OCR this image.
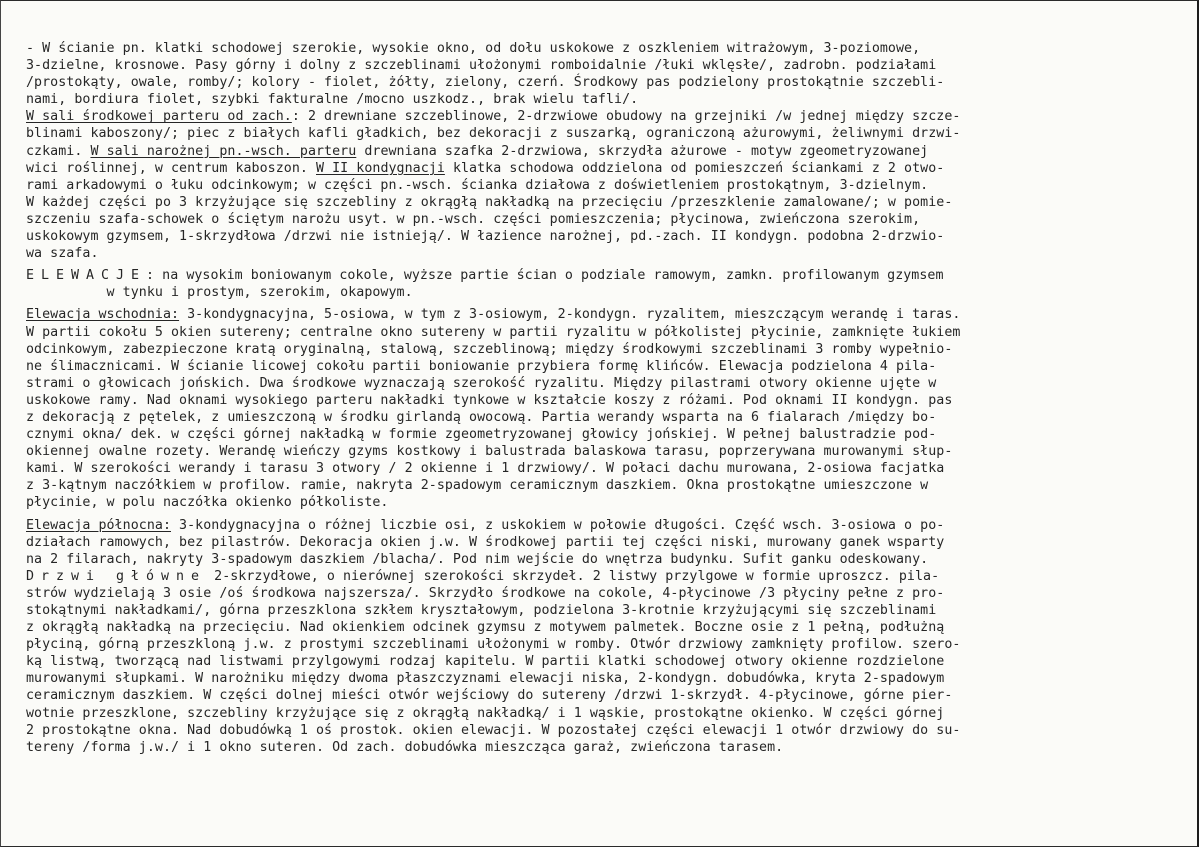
- W ścianie pn. klatki schodowej szerokie, wysokie okno, od dołu uskokowe z oszkleniem witrażowym, 3-poziomowe,
3-dzielne, krosnowe. Pasy górny i dolny z szczeblinami ułożonymi romboidalnie /łuki wklęsłe/, zadrobn. podziałami
/prostokąty, owale, romby/; kolory - fiolet, żółty, zielony, czerń. Środkowy pas podzielony prostokątnie szczebli-
nami, bordiura fiolet, szybki fakturalne /mocno uszkodz., brak wielu tafli/.
W sali środkowej parteru od zach.: 2 drewniane szczeblinowe, 2-drzwiowe obudowy na grzejniki /w jednej między szcze-
blinami kaboszony/; piec z białych kafli gładkich, bez dekoracji z suszarką, ograniczoną ażurowymi, żeliwnymi drzwi-
czkami. W sali narożnej pn.-wsch. parteru drewniana szafka 2-drzwiowa, skrzydła ażurowe - motyw zgeometryzowanej
wici roślinnej, w centrum kaboszon. W II kondygnacji klatka schodowa oddzielona od pomieszczeń ściankami z 2 otwo-
rami arkadowymi o łuku odcinkowym; w części pn.-wsch. ścianka działowa z doświetleniem prostokątnym, 3-dzielnym.
W każdej części po 3 krzyżujące się szczebliny z okrągłą nakładką na przecięciu /przeszklenie zamalowane/; w pomie-
szczeniu szafa-schowek o ściętym narożu usyt. w pn.-wsch. części pomieszczenia; płycinowa, zwieńczona szerokim,
uskokowym gzymsem, 1-skrzydłowa /drzwi nie istnieją/. W łazience narożnej, pd.-zach. II kondygn. podobna 2-drzwio-
wa szafa.
ELEWACJE: na wysokim boniowanym cokole, wyższe partie ścian o podziale ramowym, zamkn. profilowanym gzymsem
w tynku i prostym, szerokim, okapowym.
Elewacja wschodnia: 3-kondygnacyjna, 5-osiowa, w tym z 3-osiowym, 2-kondygn. ryzalitem, mieszczącym werandę i taras.
W partii cokołu 5 okien sutereny; centralne okno sutereny w partii ryzalitu w półkolistej płycinie, zamknięte łukiem
odcinkowym, zabezpieczone kratą oryginalną, stalową, szczeblinową; między środkowymi szczeblinami 3 romby wypełnio-
ne ślimacznicami. W ścianie licowej cokołu partii boniowanie przybiera formę klińców. Elewacja podzielona 4 pila-
strami o głowicach jońskich. Dwa środkowe wyznaczają szerokość ryzalitu. Między pilastrami otwory okienne ujęte w
uskokowe ramy. Nad oknami wysokiego parteru nakładki tynkowe w kształcie koszy z różami. Pod oknami II kondygn. pas
z dekoracją z pętelek, z umieszczoną w środku girlandą owocową. Partia werandy wsparta na 6 fialarach /między bo-
cznymi okna/ dek. w części górnej nakładką w formie zgeometryzowanej głowicy jońskiej. W pełnej balustradzie pod-
okiennej owalne rozety. Werandę wieńczy gzyms kostkowy i balustrada balaskowa tarasu, poprzerywana murowanymi słup-
kami. W szerokości werandy i tarasu 3 otwory / 2 okienne i 1 drzwiowy/. W połaci dachu murowana, 2-osiowa facjatka
z 3-kątnym naczółkiem w profilow. ramie, nakryta 2-spadowym ceramicznym daszkiem. Okna prostokątne umieszczone w
płycinie, w polu naczółka okienko półkoliste.
Elewacja północna: 3-kondygnacyjna o różnej liczbie osi, z uskokiem w połowie długości. Część wsch. 3-osiowa o po-
działach ramowych, bez pilastrów. Dekoracja okien j.w. W środkowej partii tej części niski, murowany ganek wsparty
na 2 filarach, nakryty 3-spadowym daszkiem /blacha/. Pod nim wejście do wnętrza budynku. Sufit ganku odeskowany.
Drzwi główne 2-skrzydłowe, o nierównej szerokości skrzydeł. 2 listwy przylgowe w formie uproszcz. pila-
strów wydzielają 3 osie /oś środkowa najszersza/. Skrzydło środkowe na cokole, 4-płycinowe /3 płyciny pełne z pro-
stokątnymi nakładkami/, górna przeszklona szkłem kryształowym, podzielona 3-krotnie krzyżującymi się szczeblinami
z okrągłą nakładką na przecięciu. Nad okienkiem odcinek gzymsu z motywem palmetek. Boczne osie z 1 pełną, podłużną
płyciną, górną przeszkloną j.w. z prostymi szczeblinami ułożonymi w romby. Otwór drzwiowy zamknięty profilow. szero-
ką listwą, tworzącą nad listwami przylgowymi rodzaj kapitelu. W partii klatki schodowej otwory okienne rozdzielone
murowanymi słupkami. W narożniku między dwoma płaszczyznami elewacji niska, 2-kondygn. dobudówka, kryta 2-spadowym
ceramicznym daszkiem. W części dolnej mieści otwór wejściowy do sutereny /drzwi 1-skrzydł. 4-płycinowe, górne pier-
wotnie przeszklone, szczebliny krzyżujące się z okrągłą nakładką/ i 1 wąskie, prostokątne okienko. W części górnej
2 prostokątne okna. Nad dobudówką 1 oś prostok. okien elewacji. W pozostałej części elewacji 1 otwór drzwiowy do su-
tereny /forma j.w./ i 1 okno suteren. Od zach. dobudówka mieszcząca garaż, zwieńczona tarasem.
